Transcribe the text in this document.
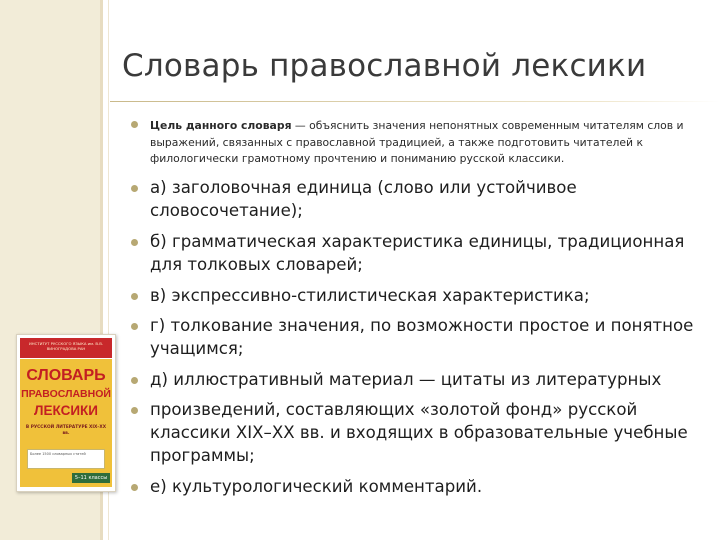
Словарь православной лексики
Цель данного словаря — объяснить значения непонятных современным читателям слов и выражений, связанных с православной традицией, а также подготовить читателей к филологически грамотному прочтению и пониманию русской классики.
а) заголовочная единица (слово или устойчивое словосочетание);
б) грамматическая характеристика единицы, традиционная для толковых словарей;
в) экспрессивно-стилистическая характеристика;
г) толкование значения, по возможности простое и понятное учащимся;
д) иллюстративный материал — цитаты из литературных
произведений, составляющих «золотой фонд» русской классики XIX–XX вв. и входящих в образовательные учебные программы;
е) культурологический комментарий.
ИНСТИТУТ РУССКОГО ЯЗЫКА им. В.В. ВИНОГРАДОВА РАН
СЛОВАРЬ
ПРАВОСЛАВНОЙ
ЛЕКСИКИ
В РУССКОЙ ЛИТЕРАТУРЕ XIX–XX вв.
Более 1500 словарных статей
5–11 классы
